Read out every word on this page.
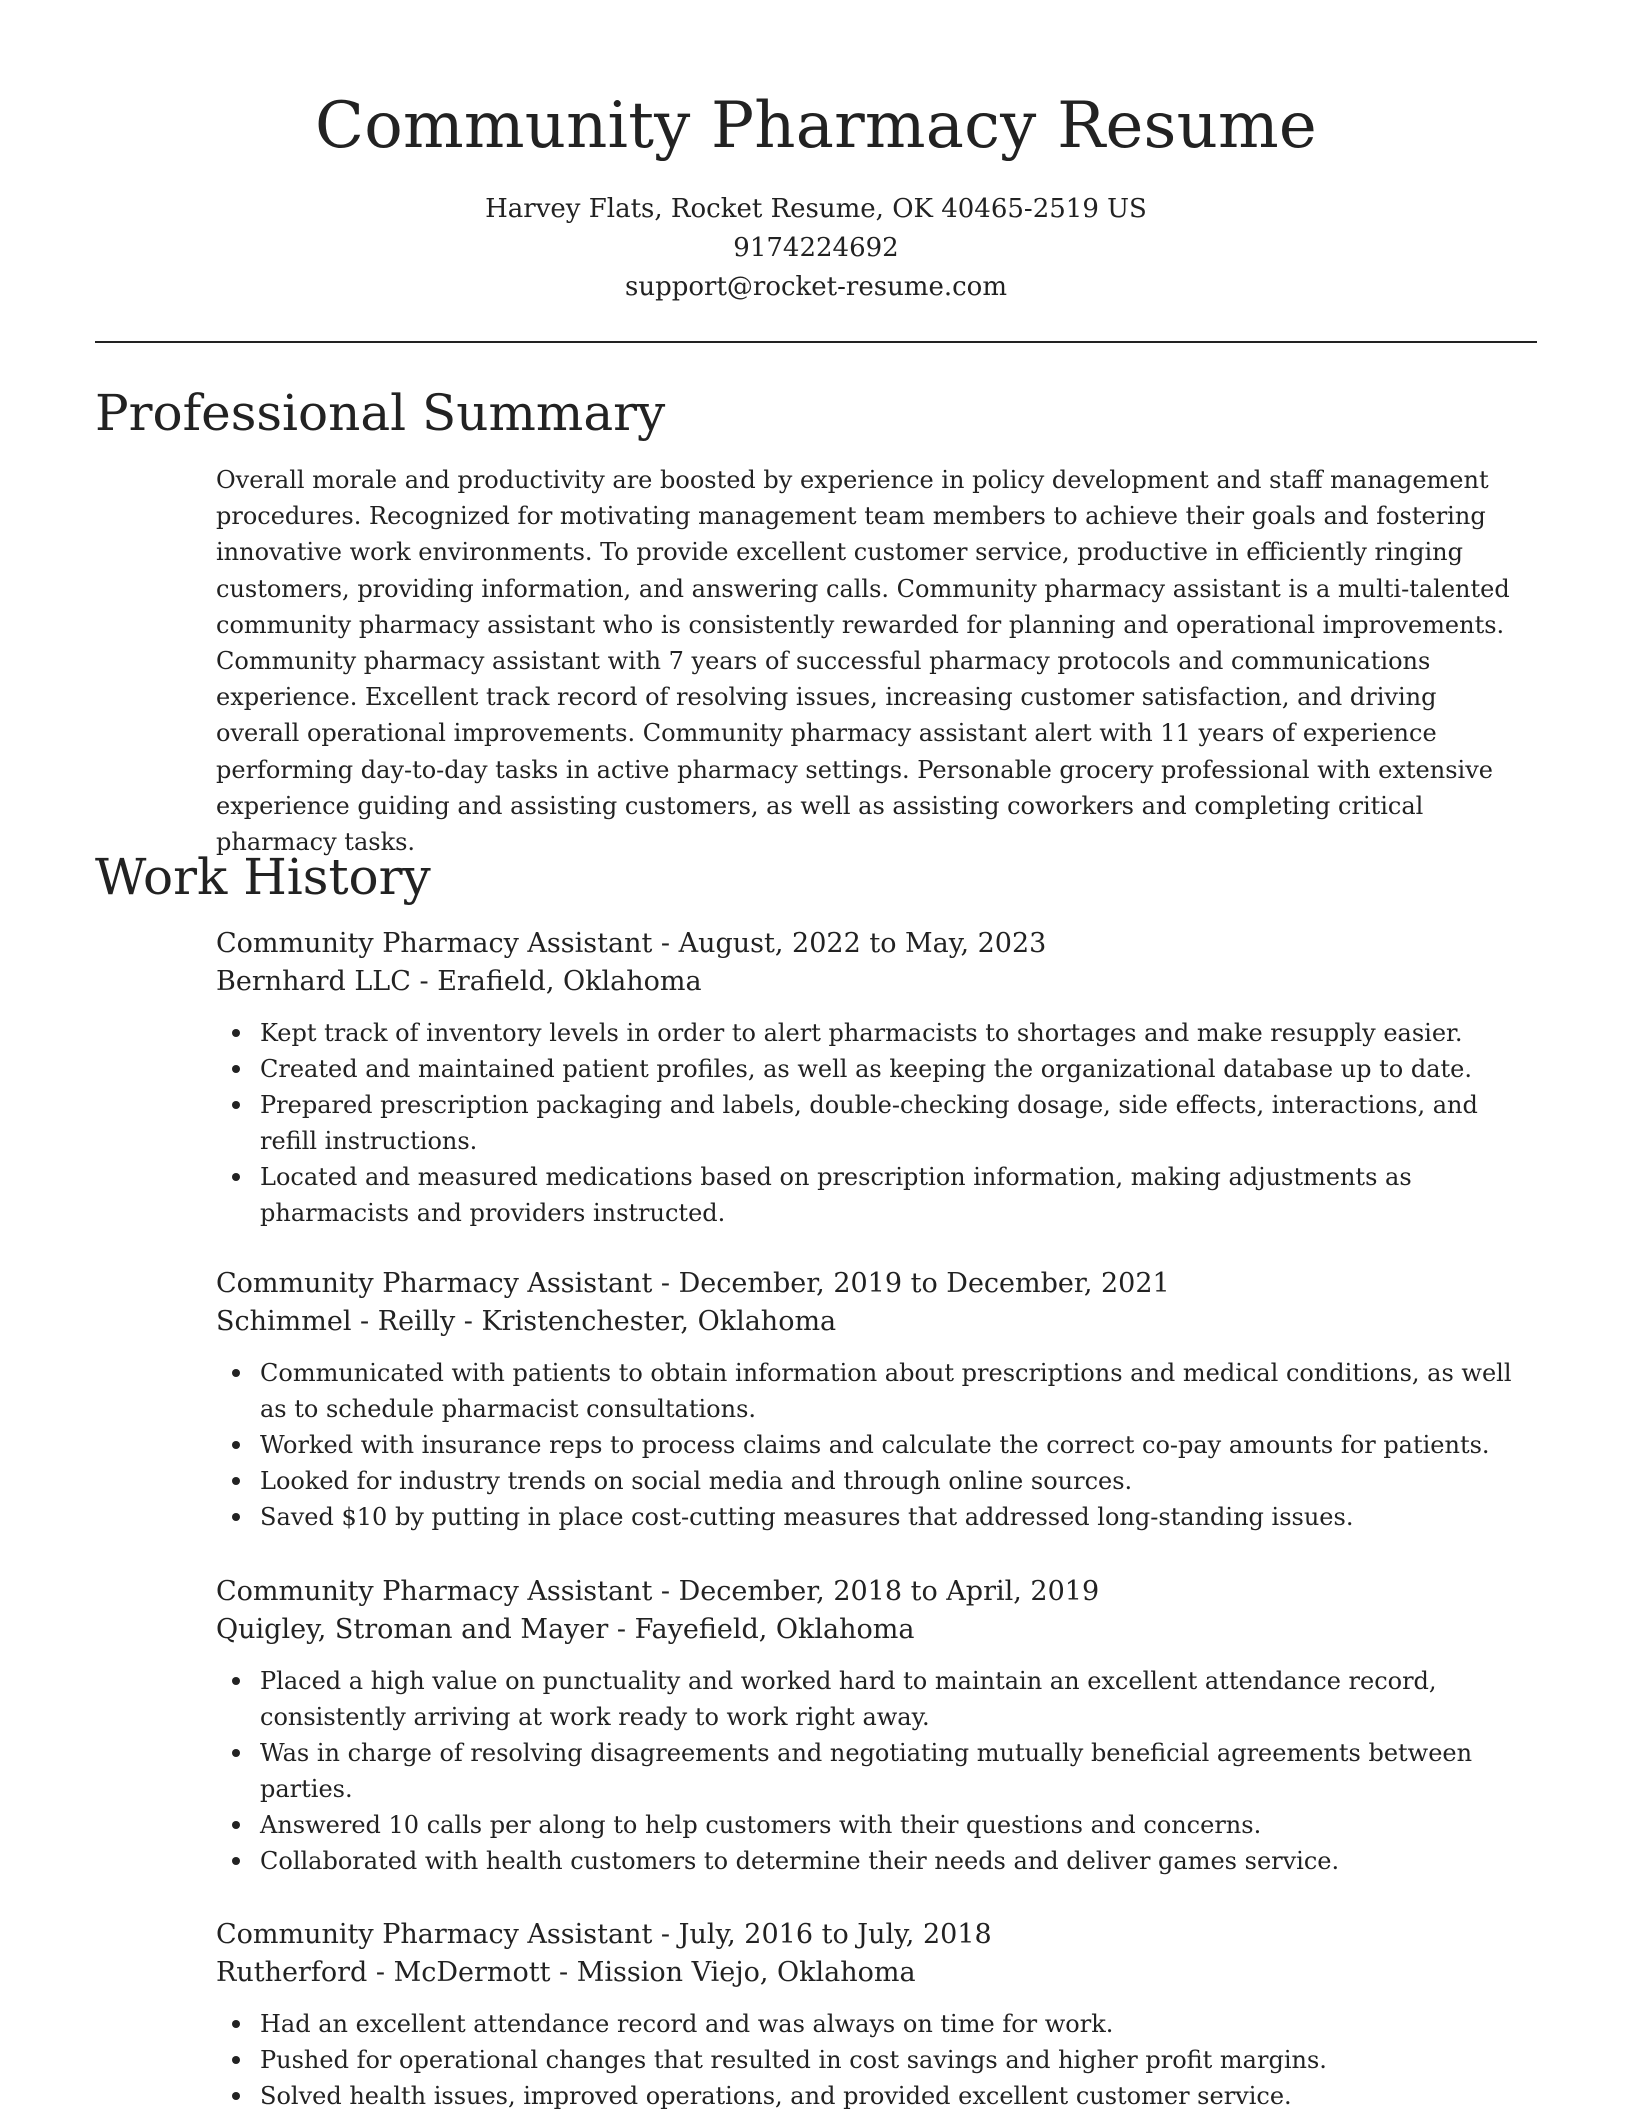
Community Pharmacy Resume

Harvey Flats, Rocket Resume, OK 40465-2519 US

9174224692

support@rocket-resume.com

Professional Summary

Overall morale and productivity are boosted by experience in policy development and staff management procedures. Recognized for motivating management team members to achieve their goals and fostering innovative work environments. To provide excellent customer service, productive in efficiently ringing customers, providing information, and answering calls. Community pharmacy assistant is a multi-talented community pharmacy assistant who is consistently rewarded for planning and operational improvements. Community pharmacy assistant with 7 years of successful pharmacy protocols and communications experience. Excellent track record of resolving issues, increasing customer satisfaction, and driving overall operational improvements. Community pharmacy assistant alert with 11 years of experience performing day-to-day tasks in active pharmacy settings. Personable grocery professional with extensive experience guiding and assisting customers, as well as assisting coworkers and completing critical pharmacy tasks.

Work History

Community Pharmacy Assistant - August, 2022 to May, 2023

Bernhard LLC - Erafield, Oklahoma

Kept track of inventory levels in order to alert pharmacists to shortages and make resupply easier.
Created and maintained patient profiles, as well as keeping the organizational database up to date.
Prepared prescription packaging and labels, double-checking dosage, side effects, interactions, and refill instructions.
Located and measured medications based on prescription information, making adjustments as pharmacists and providers instructed.

Community Pharmacy Assistant - December, 2019 to December, 2021

Schimmel - Reilly - Kristenchester, Oklahoma

Communicated with patients to obtain information about prescriptions and medical conditions, as well as to schedule pharmacist consultations.
Worked with insurance reps to process claims and calculate the correct co-pay amounts for patients.
Looked for industry trends on social media and through online sources.
Saved $10 by putting in place cost-cutting measures that addressed long-standing issues.

Community Pharmacy Assistant - December, 2018 to April, 2019

Quigley, Stroman and Mayer - Fayefield, Oklahoma

Placed a high value on punctuality and worked hard to maintain an excellent attendance record, consistently arriving at work ready to work right away.
Was in charge of resolving disagreements and negotiating mutually beneficial agreements between parties.
Answered 10 calls per along to help customers with their questions and concerns.
Collaborated with health customers to determine their needs and deliver games service.

Community Pharmacy Assistant - July, 2016 to July, 2018

Rutherford - McDermott - Mission Viejo, Oklahoma

Had an excellent attendance record and was always on time for work.
Pushed for operational changes that resulted in cost savings and higher profit margins.
Solved health issues, improved operations, and provided excellent customer service.
